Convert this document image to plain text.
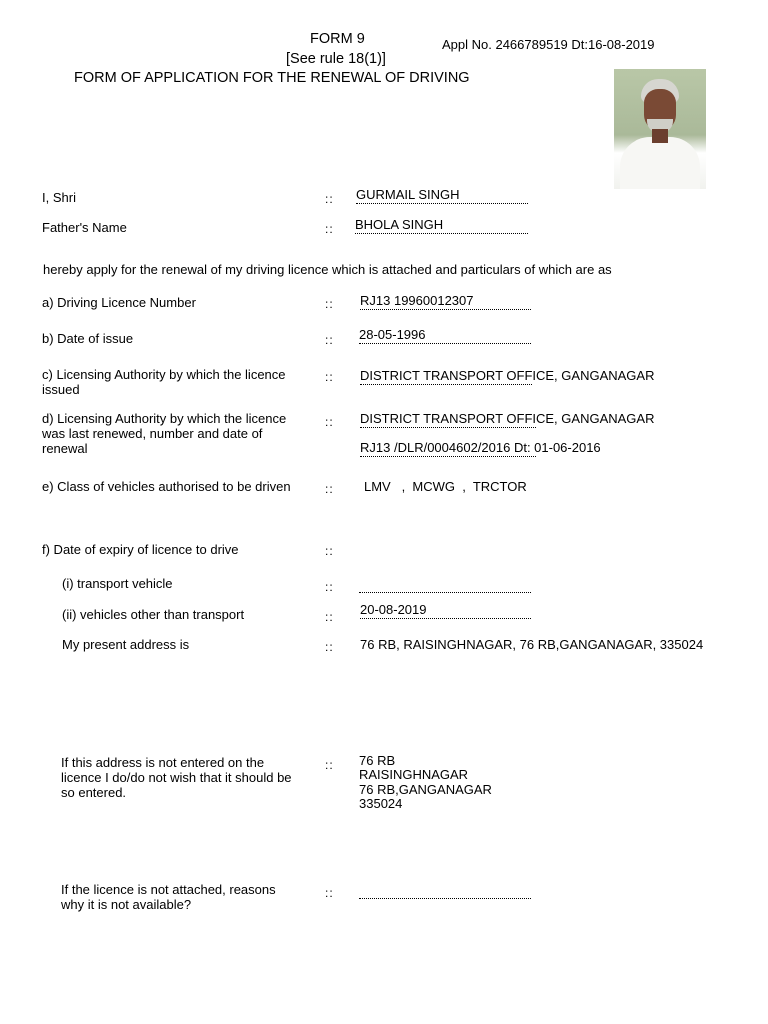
FORM 9
[See rule 18(1)]
FORM OF APPLICATION FOR THE RENEWAL OF DRIVING
Appl No. 2466789519 Dt:16-08-2019
I, Shri	:: GURMAIL SINGH
Father's Name	:: BHOLA SINGH
hereby apply for the renewal of my driving licence which is attached and particulars of which are as
a) Driving Licence Number	:: RJ13 19960012307
b) Date of issue	:: 28-05-1996
c) Licensing Authority by which the licence issued
:: DISTRICT TRANSPORT OFFICE, GANGANAGAR
d) Licensing Authority by which the licence was last renewed, number and date of renewal
:: DISTRICT TRANSPORT OFFICE, GANGANAGAR
RJ13 /DLR/0004602/2016 Dt: 01-06-2016
e) Class of vehicles authorised to be driven	:: LMV   ,  MCWG  ,  TRCTOR
f) Date of expiry of licence to drive	::
(i) transport vehicle	::
(ii) vehicles other than transport	:: 20-08-2019
My present address is	:: 76 RB, RAISINGHNAGAR, 76 RB,GANGANAGAR, 335024
If this address is not entered on the licence I do/do not wish that it should be so entered.
:: 76 RB
RAISINGHNAGAR
76 RB,GANGANAGAR
335024
If the licence is not attached, reasons why it is not available?
::
